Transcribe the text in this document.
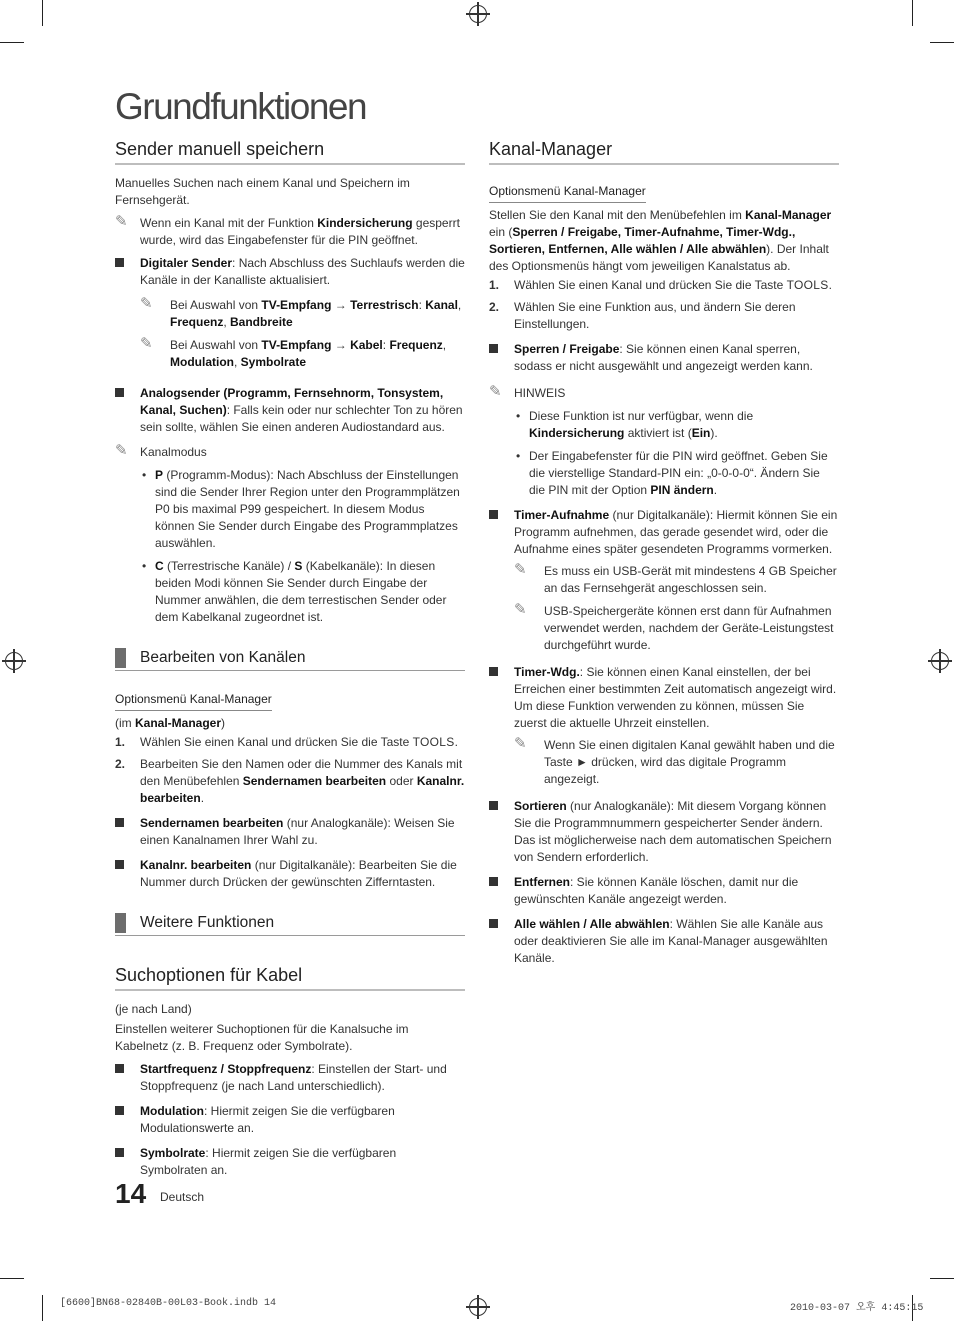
Grundfunktionen
Sender manuell speichern

Manuelles Suchen nach einem Kanal und Speichern im Fernsehgerät.

✎ Wenn ein Kanal mit der Funktion Kindersicherung gesperrt wurde, wird das Eingabefenster für die PIN geöffnet.
Digitaler Sender: Nach Abschluss des Suchlaufs werden die Kanäle in der Kanalliste aktualisiert.
✎ Bei Auswahl von TV-Empfang → Terrestrisch: Kanal, Frequenz, Bandbreite
✎ Bei Auswahl von TV-Empfang → Kabel: Frequenz, Modulation, Symbolrate
Analogsender (Programm, Fernsehnorm, Tonsystem, Kanal, Suchen): Falls kein oder nur schlechter Ton zu hören sein sollte, wählen Sie einen anderen Audiostandard aus.
✎ Kanalmodus
• P (Programm-Modus): Nach Abschluss der Einstellungen sind die Sender Ihrer Region unter den Programmplätzen P0 bis maximal P99 gespeichert. In diesem Modus können Sie Sender durch Eingabe des Programmplatzes auswählen.
• C (Terrestrische Kanäle) / S (Kabelkanäle): In diesen beiden Modi können Sie Sender durch Eingabe der Nummer anwählen, die dem terrestischen Sender oder dem Kabelkanal zugeordnet ist.
Bearbeiten von Kanälen
Optionsmenü Kanal-Manager

(im Kanal-Manager)

1. Wählen Sie einen Kanal und drücken Sie die Taste TOOLS.
2. Bearbeiten Sie den Namen oder die Nummer des Kanals mit den Menübefehlen Sendernamen bearbeiten oder Kanalnr. bearbeiten.
Sendernamen bearbeiten (nur Analogkanäle): Weisen Sie einen Kanalnamen Ihrer Wahl zu.
Kanalnr. bearbeiten (nur Digitalkanäle): Bearbeiten Sie die Nummer durch Drücken der gewünschten Zifferntasten.
Weitere Funktionen
Suchoptionen für Kabel

(je nach Land)

Einstellen weiterer Suchoptionen für die Kanalsuche im Kabelnetz (z. B. Frequenz oder Symbolrate).

Startfrequenz / Stoppfrequenz: Einstellen der Start- und Stoppfrequenz (je nach Land unterschiedlich).
Modulation: Hiermit zeigen Sie die verfügbaren Modulationswerte an.
Symbolrate: Hiermit zeigen Sie die verfügbaren Symbolraten an.
Kanal-Manager
Optionsmenü Kanal-Manager

Stellen Sie den Kanal mit den Menübefehlen im Kanal-Manager ein (Sperren / Freigabe, Timer-Aufnahme, Timer-Wdg., Sortieren, Entfernen, Alle wählen / Alle abwählen). Der Inhalt des Optionsmenüs hängt vom jeweiligen Kanalstatus ab.

1. Wählen Sie einen Kanal und drücken Sie die Taste TOOLS.
2. Wählen Sie eine Funktion aus, und ändern Sie deren Einstellungen.
Sperren / Freigabe: Sie können einen Kanal sperren, sodass er nicht ausgewählt und angezeigt werden kann.
✎ HINWEIS
• Diese Funktion ist nur verfügbar, wenn die Kindersicherung aktiviert ist (Ein).
• Der Eingabefenster für die PIN wird geöffnet. Geben Sie die vierstellige Standard-PIN ein: „0-0-0-0“. Ändern Sie die PIN mit der Option PIN ändern.
Timer-Aufnahme (nur Digitalkanäle): Hiermit können Sie ein Programm aufnehmen, das gerade gesendet wird, oder die Aufnahme eines später gesendeten Programms vormerken.
✎ Es muss ein USB-Gerät mit mindestens 4 GB Speicher an das Fernsehgerät angeschlossen sein.
✎ USB-Speichergeräte können erst dann für Aufnahmen verwendet werden, nachdem der Geräte-Leistungstest durchgeführt wurde.
Timer-Wdg.: Sie können einen Kanal einstellen, der bei Erreichen einer bestimmten Zeit automatisch angezeigt wird. Um diese Funktion verwenden zu können, müssen Sie zuerst die aktuelle Uhrzeit einstellen.
✎ Wenn Sie einen digitalen Kanal gewählt haben und die Taste ► drücken, wird das digitale Programm angezeigt.
Sortieren (nur Analogkanäle): Mit diesem Vorgang können Sie die Programmnummern gespeicherter Sender ändern. Das ist möglicherweise nach dem automatischen Speichern von Sendern erforderlich.
Entfernen: Sie können Kanäle löschen, damit nur die gewünschten Kanäle angezeigt werden.
Alle wählen / Alle abwählen: Wählen Sie alle Kanäle aus oder deaktivieren Sie alle im Kanal-Manager ausgewählten Kanäle.
14 Deutsch
[6600]BN68-02840B-00L03-Book.indb 14	2010-03-07 오후 4:45:15
